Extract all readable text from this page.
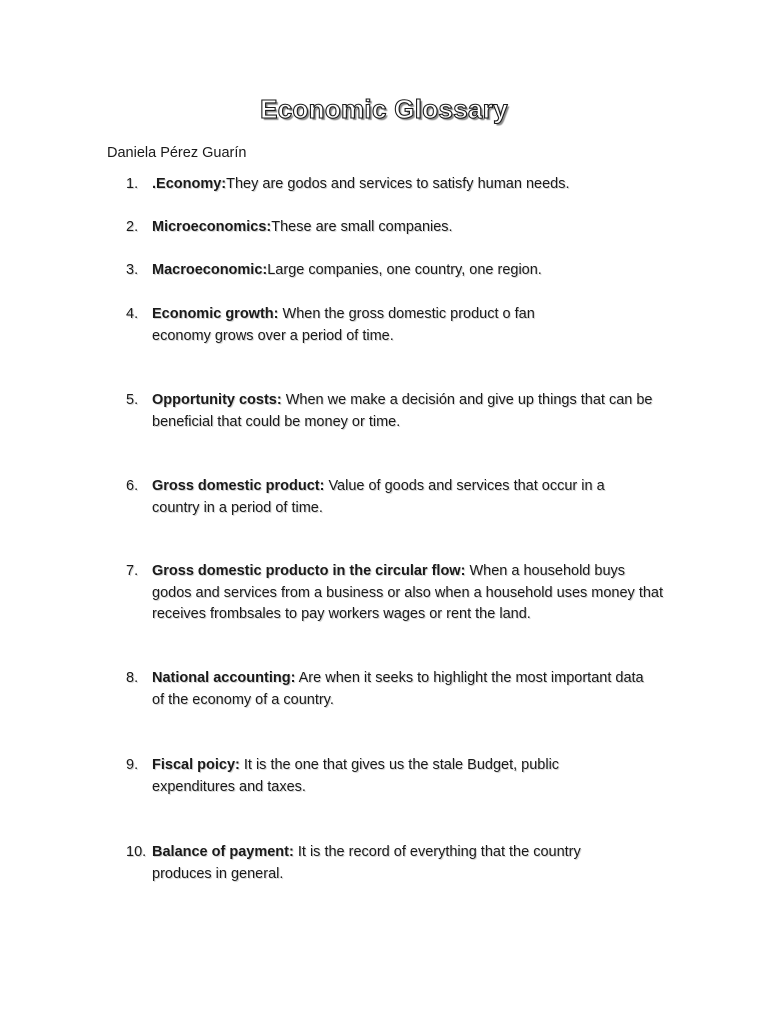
Economic Glossary

Daniela Pérez Guarín

1. .Economy:They are godos and services to satisfy human needs.
2. Microeconomics:These are small companies.
3. Macroeconomic:Large companies, one country, one region.
4. Economic growth: When the gross domestic product o fan economy grows over a period of time.
5. Opportunity costs: When we make a decisión and give up things that can be beneficial that could be money or time.
6. Gross domestic product: Value of goods and services that occur in a country in a period of time.
7. Gross domestic producto in the circular flow: When a household buys godos and services from a business or also when a household uses money that receives frombsales to pay workers wages or rent the land.
8. National accounting: Are when it seeks to highlight the most important data of the economy of a country.
9. Fiscal poicy: It is the one that gives us the stale Budget, public expenditures and taxes.
10. Balance of payment: It is the record of everything that the country produces in general.
